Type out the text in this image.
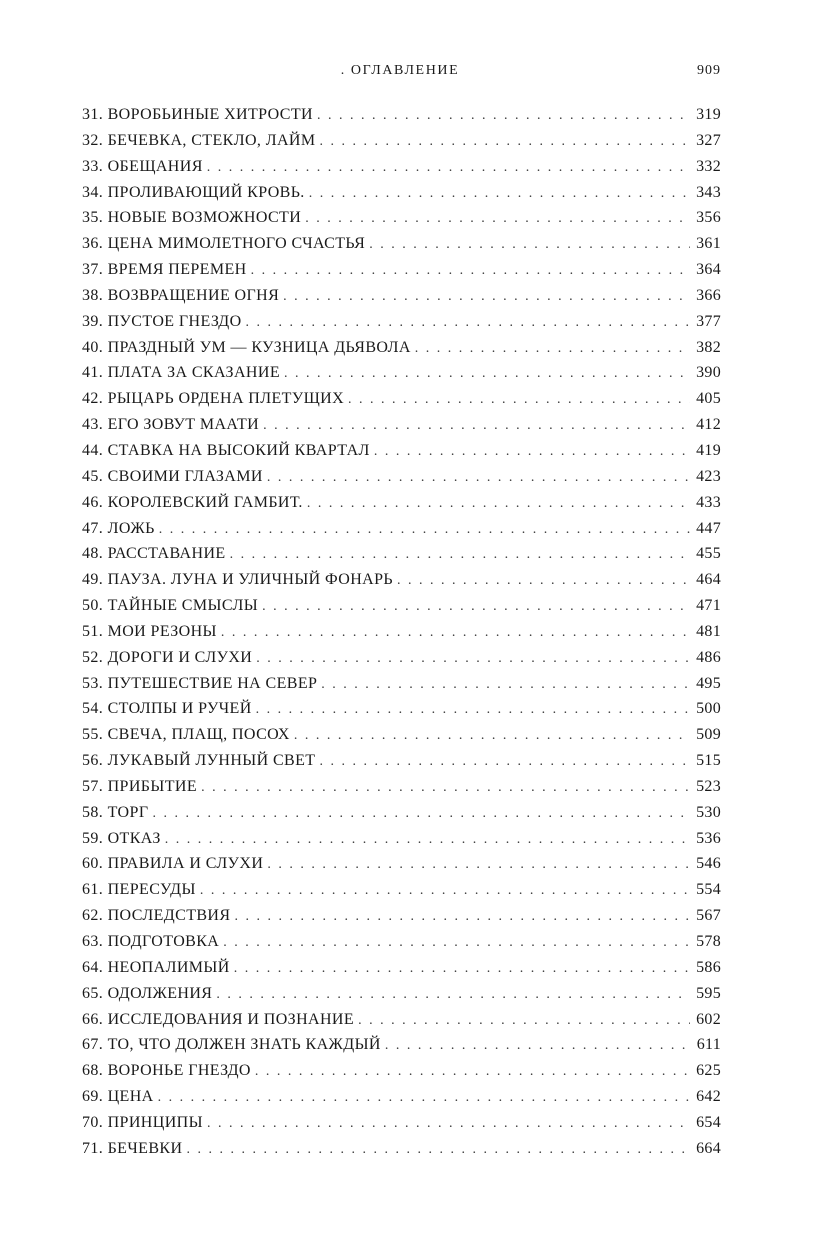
. ОГЛАВЛЕНИЕ	909
31. ВОРОБЬИНЫЕ ХИТРОСТИ . . .	319
32. БЕЧЕВКА, СТЕКЛО, ЛАЙМ . . .	327
33. ОБЕЩАНИЯ . . .	332
34. ПРОЛИВАЮЩИЙ КРОВЬ. . . .	343
35. НОВЫЕ ВОЗМОЖНОСТИ . . .	356
36. ЦЕНА МИМОЛЕТНОГО СЧАСТЬЯ . . .	361
37. ВРЕМЯ ПЕРЕМЕН . . .	364
38. ВОЗВРАЩЕНИЕ ОГНЯ . . .	366
39. ПУСТОЕ ГНЕЗДО . . .	377
40. ПРАЗДНЫЙ УМ — КУЗНИЦА ДЬЯВОЛА . . .	382
41. ПЛАТА ЗА СКАЗАНИЕ . . .	390
42. РЫЦАРЬ ОРДЕНА ПЛЕТУЩИХ . . .	405
43. ЕГО ЗОВУТ МААТИ . . .	412
44. СТАВКА НА ВЫСОКИЙ КВАРТАЛ . . .	419
45. СВОИМИ ГЛАЗАМИ . . .	423
46. КОРОЛЕВСКИЙ ГАМБИТ. . . .	433
47. ЛОЖЬ . . .	447
48. РАССТАВАНИЕ . . .	455
49. ПАУЗА. ЛУНА И УЛИЧНЫЙ ФОНАРЬ . . .	464
50. ТАЙНЫЕ СМЫСЛЫ . . .	471
51. МОИ РЕЗОНЫ . . .	481
52. ДОРОГИ И СЛУХИ . . .	486
53. ПУТЕШЕСТВИЕ НА СЕВЕР . . .	495
54. СТОЛПЫ И РУЧЕЙ . . .	500
55. СВЕЧА, ПЛАЩ, ПОСОХ . . .	509
56. ЛУКАВЫЙ ЛУННЫЙ СВЕТ . . .	515
57. ПРИБЫТИЕ . . .	523
58. ТОРГ . . .	530
59. ОТКАЗ . . .	536
60. ПРАВИЛА И СЛУХИ . . .	546
61. ПЕРЕСУДЫ . . .	554
62. ПОСЛЕДСТВИЯ . . .	567
63. ПОДГОТОВКА . . .	578
64. НЕОПАЛИМЫЙ . . .	586
65. ОДОЛЖЕНИЯ . . .	595
66. ИССЛЕДОВАНИЯ И ПОЗНАНИЕ . . .	602
67. ТО, ЧТО ДОЛЖЕН ЗНАТЬ КАЖДЫЙ . . .	611
68. ВОРОНЬЕ ГНЕЗДО . . .	625
69. ЦЕНА . . .	642
70. ПРИНЦИПЫ . . .	654
71. БЕЧЕВКИ . . .	664
